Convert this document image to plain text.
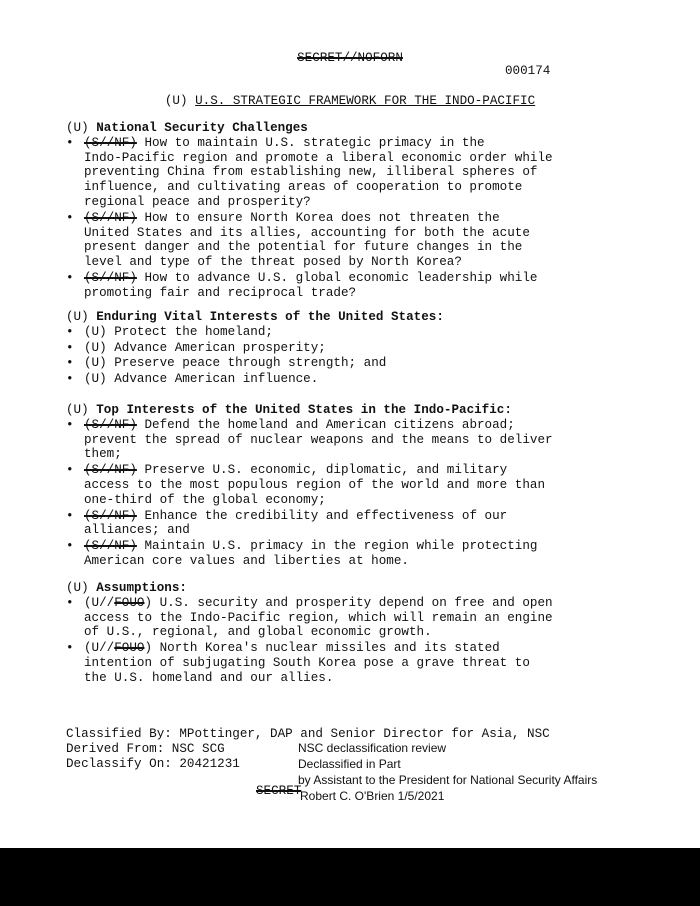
SECRET//NOFORN
000174
(U) U.S. STRATEGIC FRAMEWORK FOR THE INDO-PACIFIC
(U) National Security Challenges
• (S//NF) How to maintain U.S. strategic primacy in the
Indo-Pacific region and promote a liberal economic order while
preventing China from establishing new, illiberal spheres of
influence, and cultivating areas of cooperation to promote
regional peace and prosperity?
• (S//NF) How to ensure North Korea does not threaten the
United States and its allies, accounting for both the acute
present danger and the potential for future changes in the
level and type of the threat posed by North Korea?
• (S//NF) How to advance U.S. global economic leadership while
promoting fair and reciprocal trade?
(U) Enduring Vital Interests of the United States:
• (U) Protect the homeland;
• (U) Advance American prosperity;
• (U) Preserve peace through strength; and
• (U) Advance American influence.
(U) Top Interests of the United States in the Indo-Pacific:
• (S//NF) Defend the homeland and American citizens abroad;
prevent the spread of nuclear weapons and the means to deliver
them;
• (S//NF) Preserve U.S. economic, diplomatic, and military
access to the most populous region of the world and more than
one-third of the global economy;
• (S//NF) Enhance the credibility and effectiveness of our
alliances; and
• (S//NF) Maintain U.S. primacy in the region while protecting
American core values and liberties at home.
(U) Assumptions:
• (U//FOUO) U.S. security and prosperity depend on free and open
access to the Indo-Pacific region, which will remain an engine
of U.S., regional, and global economic growth.
• (U//FOUO) North Korea's nuclear missiles and its stated
intention of subjugating South Korea pose a grave threat to
the U.S. homeland and our allies.
Classified By: MPottinger, DAP and Senior Director for Asia, NSC
Derived From: NSC SCG
Declassify On: 20421231
NSC declassification review
Declassified in Part
by Assistant to the President for National Security Affairs
Robert C. O'Brien 1/5/2021
SECRET
